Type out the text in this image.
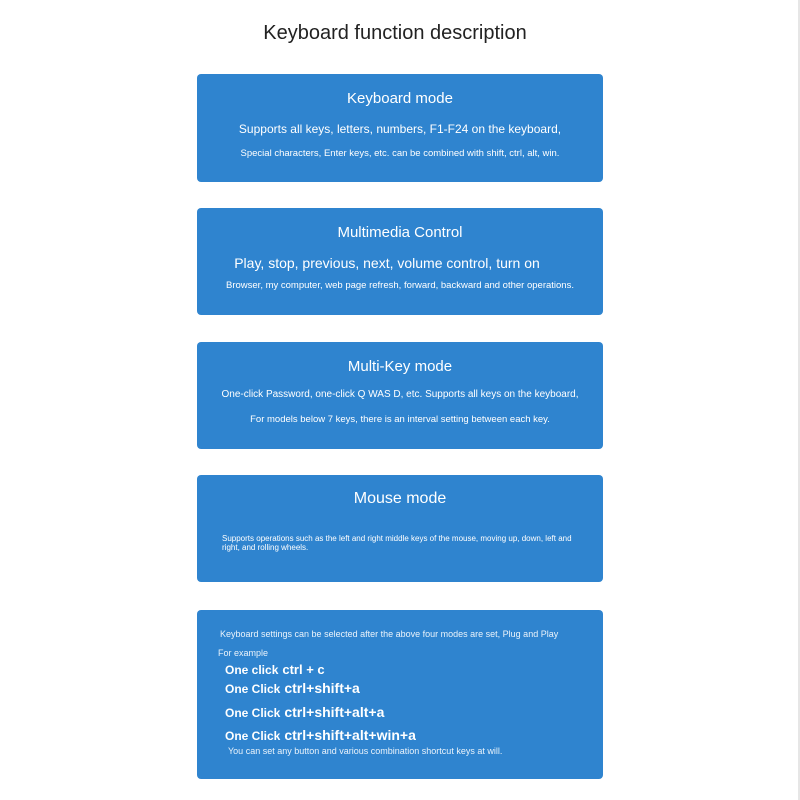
Keyboard function description
Keyboard mode
Supports all keys, letters, numbers, F1-F24 on the keyboard,
Special characters, Enter keys, etc. can be combined with shift, ctrl, alt, win.
Multimedia Control
Play, stop, previous, next, volume control, turn on
Browser, my computer, web page refresh, forward, backward and other operations.
Multi-Key mode
One-click Password, one-click Q WAS D, etc. Supports all keys on the keyboard,
For models below 7 keys, there is an interval setting between each key.
Mouse mode
Supports operations such as the left and right middle keys of the mouse, moving up, down, left and right, and rolling wheels.
Keyboard settings can be selected after the above four modes are set, Plug and Play
For example
One click ctrl + c
One Click ctrl+shift+a
One Click ctrl+shift+alt+a
One Click ctrl+shift+alt+win+a
You can set any button and various combination shortcut keys at will.
